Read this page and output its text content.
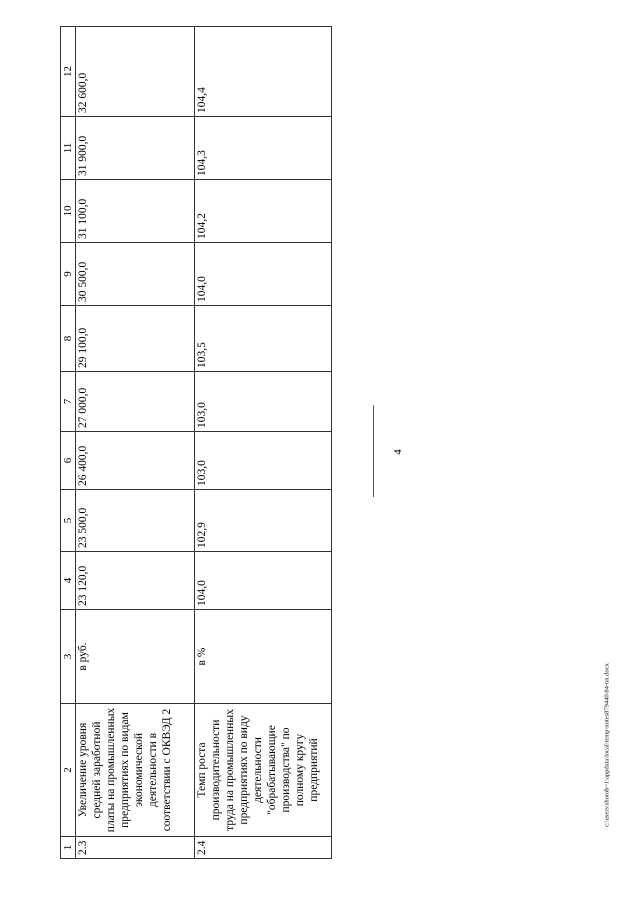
4
1	2	3	4	5	6	7	8	9	10	11	12
2.3	Увеличение уровня средней заработной платы на промышленных предприятиях по видам экономической деятельности в соответствии с ОКВЭД 2	в руб.	23 120,0	23 500,0	26 400,0	27 000,0	29 100,0	30 500,0	31 100,0	31 900,0	32 600,0
2.4	Темп роста производительности труда на промышленных предприятиях по виду деятельности "обрабатывающие производства" по полному кругу предприятий	в %	104,0	102,9	103,0	103,0	103,5	104,0	104,2	104,3	104,4
c:\users\shorob~1\appdata\local\temp\notes879440\84-nn.docx
